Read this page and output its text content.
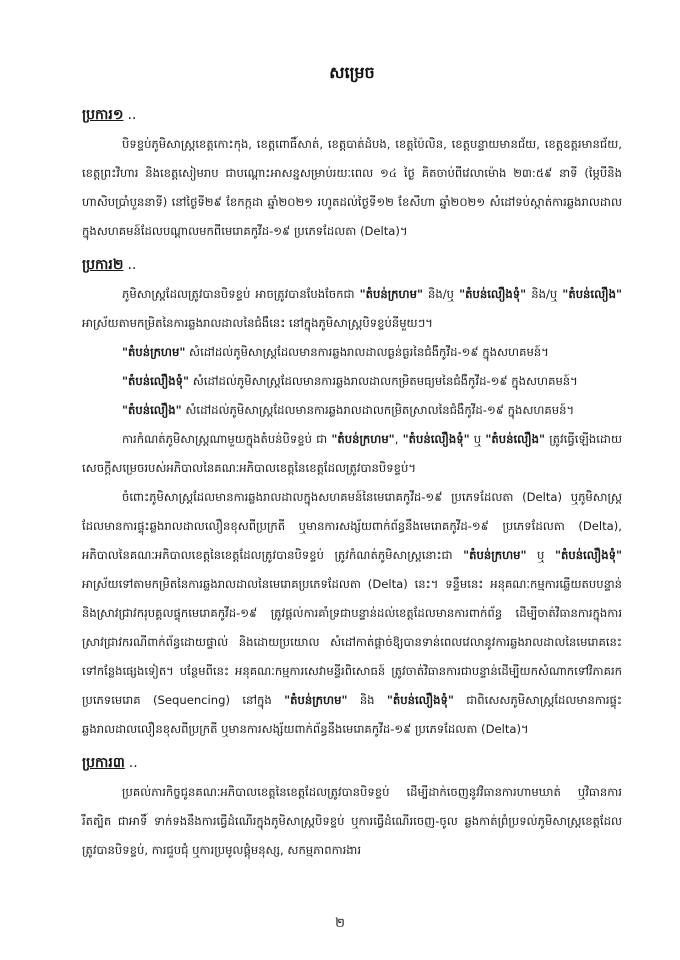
សម្រេច
ប្រការ១ ..

បិទខ្ទប់ភូមិសាស្ត្រខេត្តកោះកុង, ខេត្តពោធិ៍សាត់, ខេត្តបាត់ដំបង, ខេត្តប៉ៃលិន, ខេត្តបន្ទាយមានជ័យ, ខេត្តឧត្តរមានជ័យ, ខេត្តព្រះវិហារ និងខេត្តសៀមរាប ជាបណ្ដោះអាសន្នសម្រាប់រយៈពេល ១៤ ថ្ងៃ គិតចាប់ពីវេលាម៉ោង ២៣:៥៩ នាទី (ម្ភៃបីនិងហាសិបប្រាំបួននាទី) នៅថ្ងៃទី២៩ ខែកក្កដា ឆ្នាំ២០២១ រហូតដល់ថ្ងៃទី១២ ខែសីហា ឆ្នាំ២០២១ សំដៅទប់ស្កាត់ការឆ្លងរាលដាលក្នុងសហគមន៍ដែលបណ្ដាលមកពីមេរោគកូវីដ-១៩ ប្រភេទដែលតា (Delta)។

ប្រការ២ ..

ភូមិសាស្ត្រដែលត្រូវបានបិទខ្ទប់ អាចត្រូវបានបែងចែកជា "តំបន់ក្រហម" និង/ឬ "តំបន់លឿងទុំ" និង/ឬ "តំបន់លឿង" អាស្រ័យតាមកម្រិតនៃការឆ្លងរាលដាលនៃជំងឺនេះ នៅក្នុងភូមិសាស្ត្របិទខ្ទប់នីមួយៗ។

"តំបន់ក្រហម" សំដៅដល់ភូមិសាស្ត្រដែលមានការឆ្លងរាលដាលធ្ងន់ធ្ងរនៃជំងឺកូវីដ-១៩ ក្នុងសហគមន៍។

"តំបន់លឿងទុំ" សំដៅដល់ភូមិសាស្ត្រដែលមានការឆ្លងរាលដាលកម្រិតមធ្យមនៃជំងឺកូវីដ-១៩ ក្នុងសហគមន៍។

"តំបន់លឿង" សំដៅដល់ភូមិសាស្ត្រដែលមានការឆ្លងរាលដាលកម្រិតស្រាលនៃជំងឺកូវីដ-១៩ ក្នុងសហគមន៍។

ការកំណត់ភូមិសាស្ត្រណាមួយក្នុងតំបន់បិទខ្ទប់ ជា "តំបន់ក្រហម", "តំបន់លឿងទុំ" ឬ "តំបន់លឿង" ត្រូវធ្វើឡើងដោយសេចក្ដីសម្រេចរបស់អភិបាលនៃគណៈអភិបាលខេត្តនៃខេត្តដែលត្រូវបានបិទខ្ទប់។

ចំពោះភូមិសាស្ត្រដែលមានការឆ្លងរាលដាលក្នុងសហគមន៍នៃមេរោគកូវីដ-១៩ ប្រភេទដែលតា (Delta) ឬភូមិសាស្ត្រដែលមានការផ្ទុះឆ្លងរាលដាលលឿនខុសពីប្រក្រតី ឬមានការសង្ស័យពាក់ព័ន្ធនឹងមេរោគកូវីដ-១៩ ប្រភេទដែលតា (Delta), អភិបាលនៃគណៈអភិបាលខេត្តនៃខេត្តដែលត្រូវបានបិទខ្ទប់ ត្រូវកំណត់ភូមិសាស្ត្រនោះជា "តំបន់ក្រហម" ឬ "តំបន់លឿងទុំ" អាស្រ័យទៅតាមកម្រិតនៃការឆ្លងរាលដាលនៃមេរោគប្រភេទដែលតា (Delta) នេះ។ ទន្ទឹមនេះ អនុគណៈកម្មការឆ្លើយតបបន្ទាន់ និងស្រាវជ្រាវករុបគ្គលផ្ទុកមេរោគកូវីដ-១៩ ត្រូវផ្ដល់ការគាំទ្រជាបន្ទាន់ដល់ខេត្តដែលមានការពាក់ព័ន្ធ ដើម្បីចាត់វិធានការក្នុងការស្រាវជ្រាវករណីពាក់ព័ន្ធដោយផ្ទាល់ និងដោយប្រយោល សំដៅកាត់ផ្ដាច់ឱ្យបានទាន់ពេលវេលានូវការឆ្លងរាលដាលនៃមេរោគនេះទៅកន្លែងផ្សេងទៀត។ បន្ថែមពីនេះ អនុគណៈកម្មការសេវាមន្ទីរពិសោធន៍ ត្រូវចាត់វិធានការជាបន្ទាន់ដើម្បីយកសំណាកទៅវិភាគរកប្រភេទមេរោគ (Sequencing) នៅក្នុង "តំបន់ក្រហម" និង "តំបន់លឿងទុំ" ជាពិសេសភូមិសាស្ត្រដែលមានការផ្ទុះឆ្លងរាលដាលលឿនខុសពីប្រក្រតី ឬមានការសង្ស័យពាក់ព័ន្ធនឹងមេរោគកូវីដ-១៩ ប្រភេទដែលតា (Delta)។

ប្រការ៣ ..

ប្រគល់ភារកិច្ចជូនគណៈអភិបាលខេត្តនៃខេត្តដែលត្រូវបានបិទខ្ទប់ ដើម្បីដាក់ចេញនូវវិធានការហាមឃាត់ ឬវិធានការរឹតត្បិត ជាអាទិ៍ ទាក់ទងនឹងការធ្វើដំណើរក្នុងភូមិសាស្ត្របិទខ្ទប់ ឬការធ្វើដំណើរចេញ-ចូល ឆ្លងកាត់ព្រំប្រទល់ភូមិសាស្ត្រខេត្តដែលត្រូវបានបិទខ្ទប់, ការជួបជុំ ឬការប្រមូលផ្ដុំមនុស្ស, សកម្មភាពការងារ

២
